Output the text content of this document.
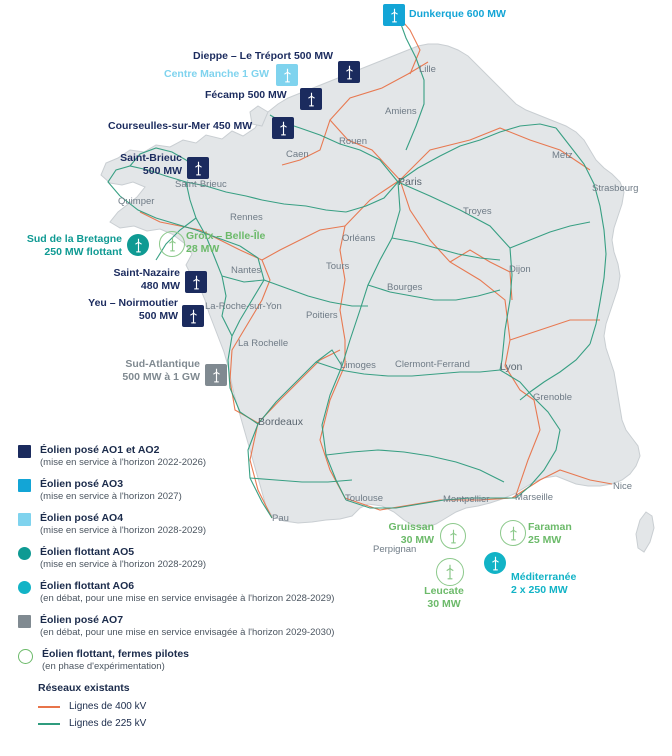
Lille
Amiens
Rouen
Caen	Metz
Paris
Strasbourg
Saint-Brieuc
Quimper
Rennes
Troyes
Orléans
Tours
Nantes	Dijon
Bourges
La-Roche-sur-Yon
Poitiers
La Rochelle
Limoges Clermont-Ferrand	Lyon
Grenoble
Bordeaux
Toulouse	Montpellier	Marseille
Nice
Pau
Perpignan
Dunkerque 600 MW
Dieppe – Le Tréport 500 MW
Centre Manche 1 GW
Fécamp 500 MW
Courseulles-sur-Mer 450 MW
Saint-Brieuc
500 MW
Sud de la Bretagne
250 MW flottant
Groix – Belle-Île
28 MW
Saint-Nazaire
480 MW
Yeu – Noirmoutier
500 MW
Sud-Atlantique
500 MW à 1 GW
Gruissan
30 MW
Faraman
25 MW
Leucate
30 MW
Méditerranée
2 x 250 MW
Éolien posé AO1 et AO2
(mise en service à l'horizon 2022-2026)
Éolien posé AO3
(mise en service à l'horizon 2027)
Éolien posé AO4
(mise en service à l'horizon 2028-2029)
Éolien flottant AO5
(mise en service à l'horizon 2028-2029)
Éolien flottant AO6
(en débat, pour une mise en service envisagée à l'horizon 2028-2029)
Éolien posé AO7
(en débat, pour une mise en service envisagée à l'horizon 2029-2030)
Éolien flottant, fermes pilotes
(en phase d'expérimentation)
Réseaux existants
Lignes de 400 kV
Lignes de 225 kV
